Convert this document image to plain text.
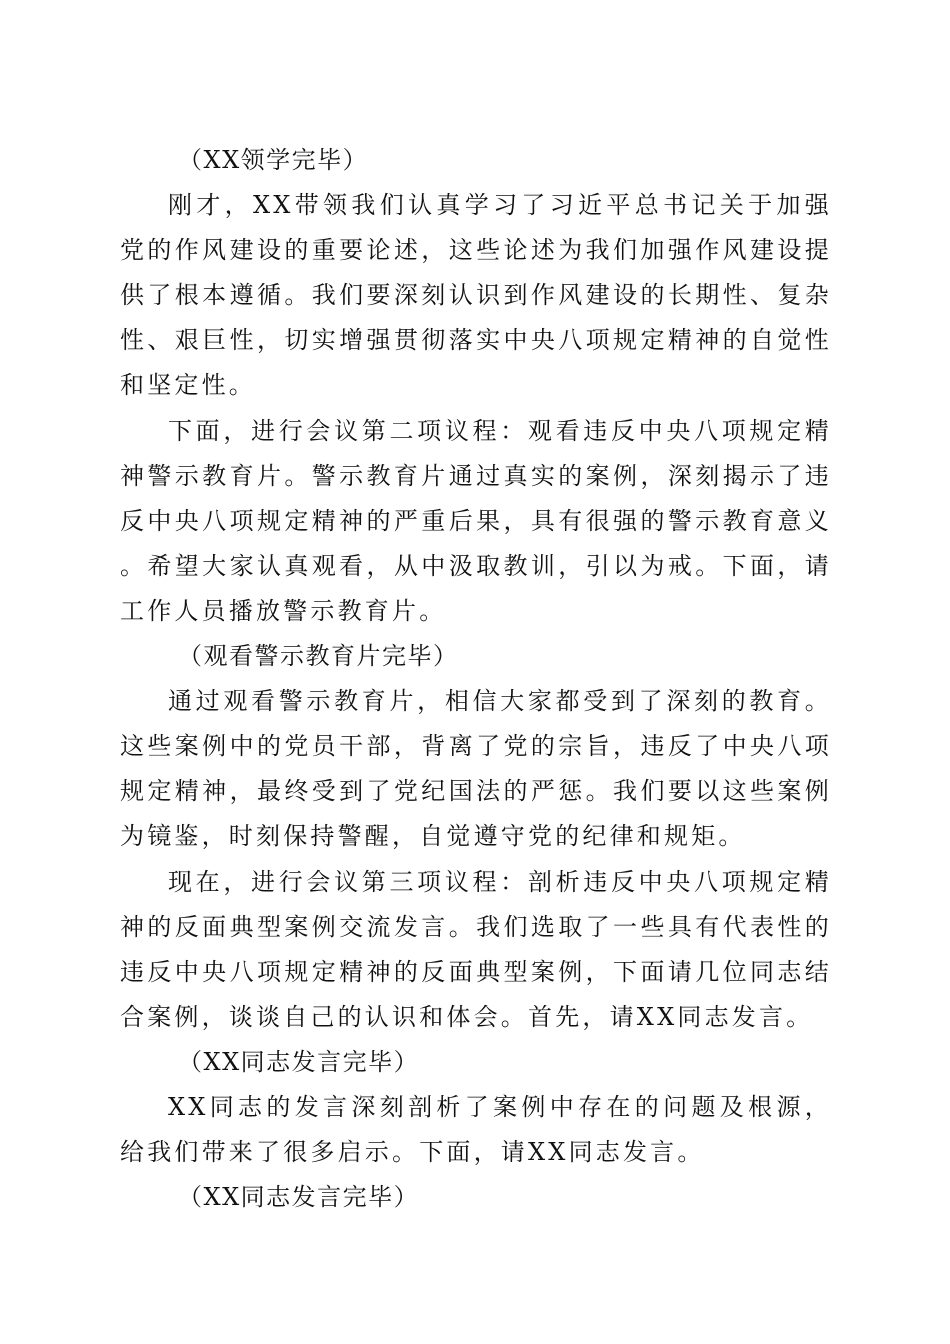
（XX领学完毕）

刚才，XX带领我们认真学习了习近平总书记关于加强党的作风建设的重要论述，这些论述为我们加强作风建设提供了根本遵循。我们要深刻认识到作风建设的长期性、复杂性、艰巨性，切实增强贯彻落实中央八项规定精神的自觉性和坚定性。

下面，进行会议第二项议程：观看违反中央八项规定精神警示教育片。警示教育片通过真实的案例，深刻揭示了违反中央八项规定精神的严重后果，具有很强的警示教育意义。希望大家认真观看，从中汲取教训，引以为戒。下面，请工作人员播放警示教育片。

（观看警示教育片完毕）

通过观看警示教育片，相信大家都受到了深刻的教育。这些案例中的党员干部，背离了党的宗旨，违反了中央八项规定精神，最终受到了党纪国法的严惩。我们要以这些案例为镜鉴，时刻保持警醒，自觉遵守党的纪律和规矩。

现在，进行会议第三项议程：剖析违反中央八项规定精神的反面典型案例交流发言。我们选取了一些具有代表性的违反中央八项规定精神的反面典型案例，下面请几位同志结合案例，谈谈自己的认识和体会。首先，请XX同志发言。

（XX同志发言完毕）

XX同志的发言深刻剖析了案例中存在的问题及根源，给我们带来了很多启示。下面，请XX同志发言。

（XX同志发言完毕）
